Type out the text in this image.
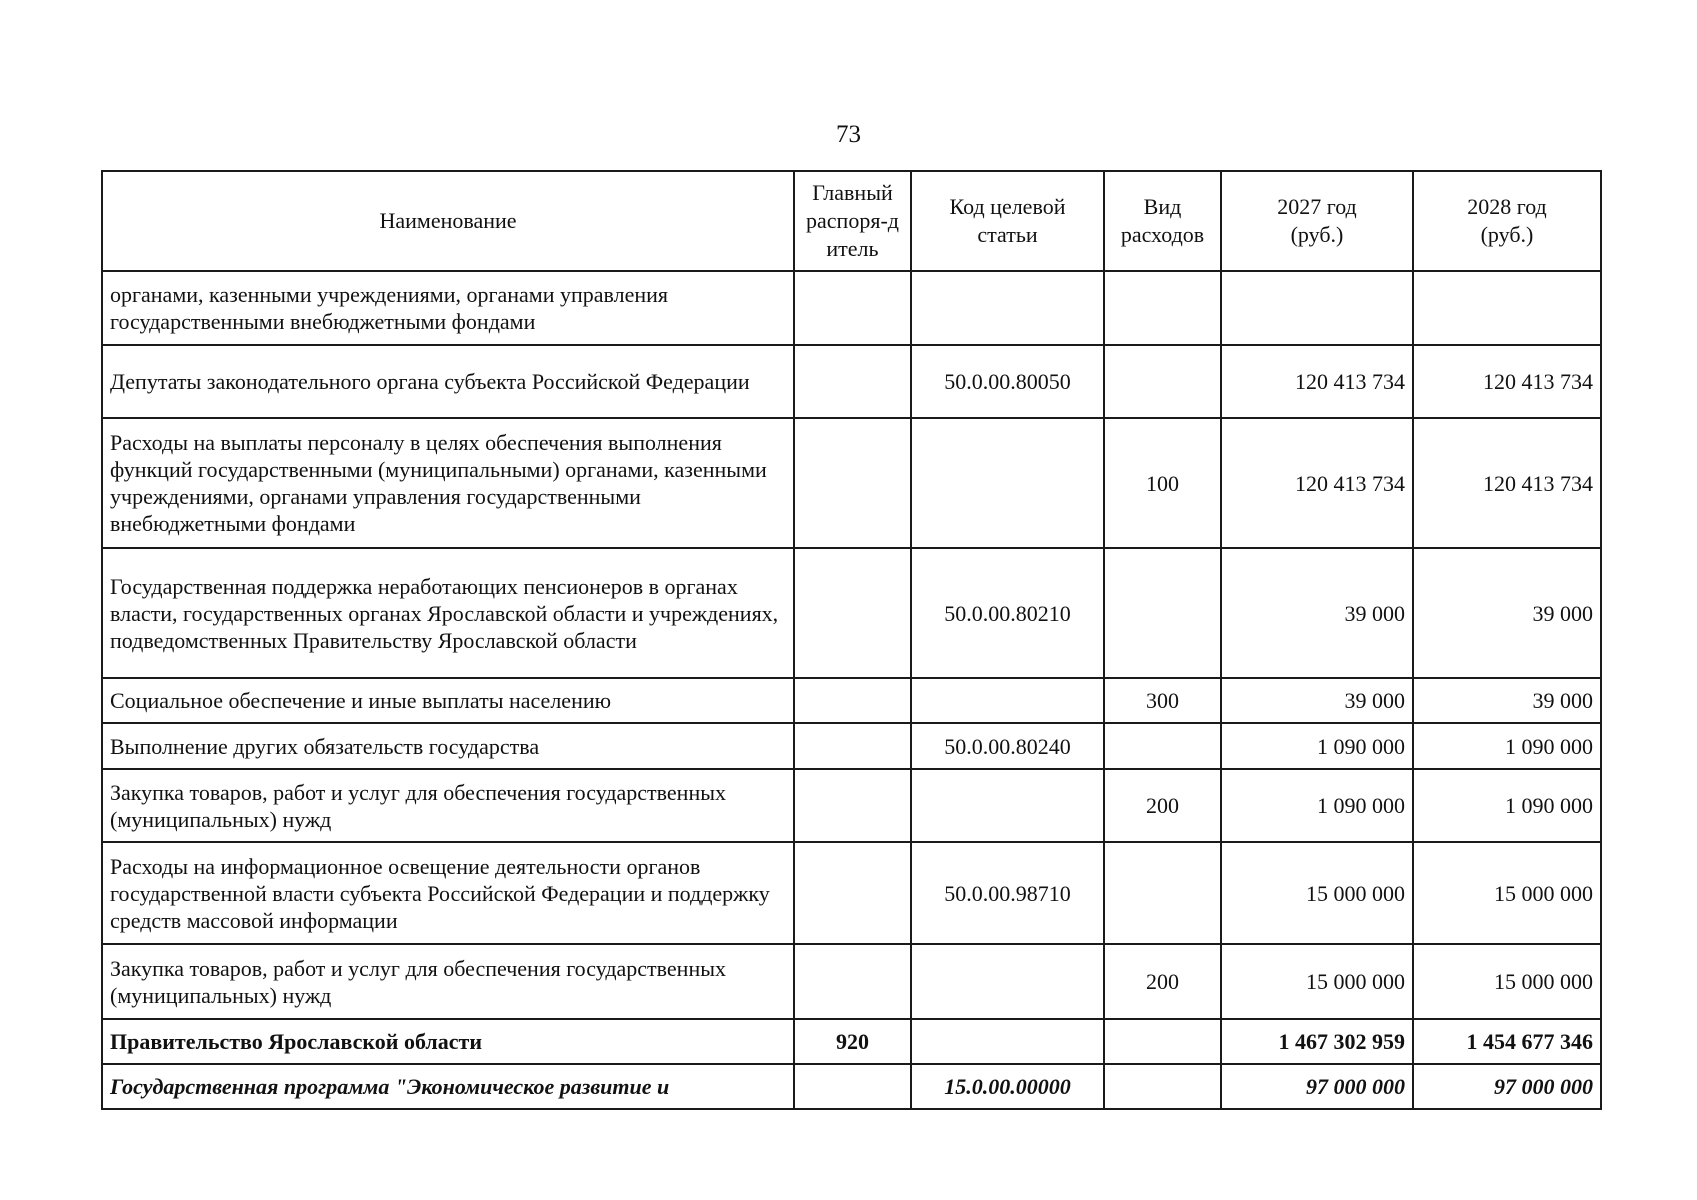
73
Наименование	Главный распоря-дитель	Код целевой статьи	Вид расходов	2027 год (руб.)	2028 год (руб.)
органами, казенными учреждениями, органами управления государственными внебюджетными фондами					
Депутаты законодательного органа субъекта Российской Федерации		50.0.00.80050		120 413 734	120 413 734
Расходы на выплаты персоналу в целях обеспечения выполнения функций государственными (муниципальными) органами, казенными учреждениями, органами управления государственными внебюджетными фондами			100	120 413 734	120 413 734
Государственная поддержка неработающих пенсионеров в органах власти, государственных органах Ярославской области и учреждениях, подведомственных Правительству Ярославской области		50.0.00.80210		39 000	39 000
Социальное обеспечение и иные выплаты населению			300	39 000	39 000
Выполнение других обязательств государства		50.0.00.80240		1 090 000	1 090 000
Закупка товаров, работ и услуг для обеспечения государственных (муниципальных) нужд			200	1 090 000	1 090 000
Расходы на информационное освещение деятельности органов государственной власти субъекта Российской Федерации и поддержку средств массовой информации		50.0.00.98710		15 000 000	15 000 000
Закупка товаров, работ и услуг для обеспечения государственных (муниципальных) нужд			200	15 000 000	15 000 000
Правительство Ярославской области	920			1 467 302 959	1 454 677 346
Государственная программа "Экономическое развитие и		15.0.00.00000		97 000 000	97 000 000
